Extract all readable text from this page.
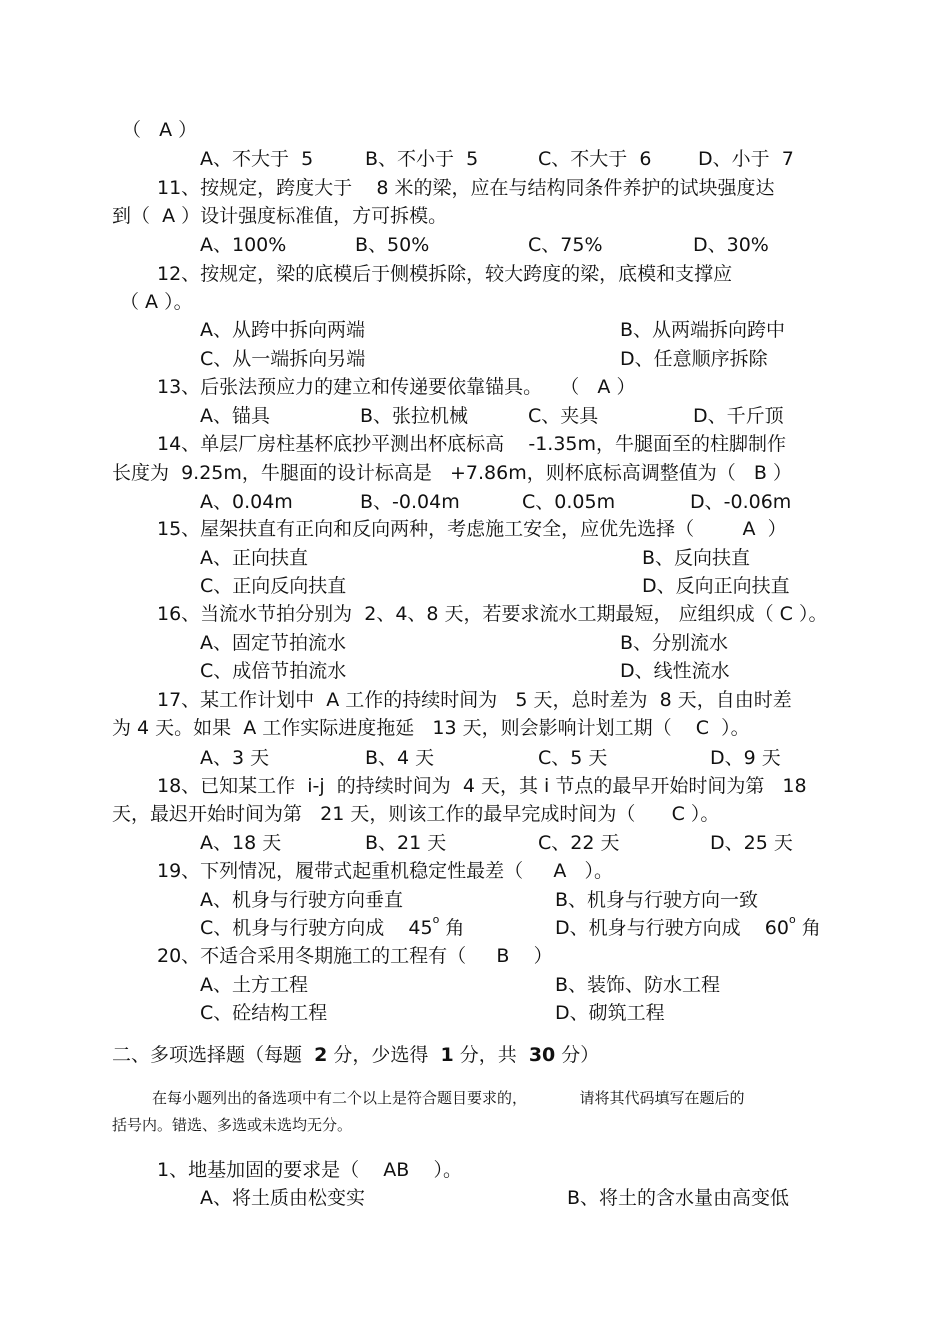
（   A ）
A、不大于  5	B、不小于  5	C、不大于  6 D、小于  7
11、按规定，跨度大于    8 米的梁，应在与结构同条件养护的试块强度达
到（  A ）设计强度标准值，方可拆模。
A、100%	B、50%	C、75%	D、30%
12、按规定，梁的底模后于侧模拆除，较大跨度的梁，底模和支撑应
（ A ）。
A、从跨中拆向两端	B、从两端拆向跨中
C、从一端拆向另端	D、任意顺序拆除
13、后张法预应力的建立和传递要依靠锚具。   （   A ）
A、锚具	B、张拉机械	C、夹具	D、千斤顶
14、单层厂房柱基杯底抄平测出杯底标高    -1.35m，牛腿面至的柱脚制作
长度为  9.25m，牛腿面的设计标高是   +7.86m，则杯底标高调整值为（   B ）
A、0.04m	B、-0.04m	C、0.05m	D、-0.06m
15、屋架扶直有正向和反向两种，考虑施工安全，应优先选择（        A  ）
A、正向扶直	B、反向扶直
C、正向反向扶直	D、反向正向扶直
16、当流水节拍分别为  2、4、8 天，若要求流水工期最短， 应组织成（ C ）。
A、固定节拍流水	B、分别流水
C、成倍节拍流水	D、线性流水
17、某工作计划中  A 工作的持续时间为   5 天，总时差为  8 天，自由时差
为 4 天。如果  A 工作实际进度拖延   13 天，则会影响计划工期（    C  ）。
A、3 天	B、4 天	C、5 天	D、9 天
18、已知某工作  i-j  的持续时间为  4 天，其 i 节点的最早开始时间为第   18
天，最迟开始时间为第   21 天，则该工作的最早完成时间为（      C ）。
A、18 天	B、21 天	C、22 天	D、25 天
19、下列情况，履带式起重机稳定性最差（     A   ）。
A、机身与行驶方向垂直	B、机身与行驶方向一致
C、机身与行驶方向成    45$^o$ 角	D、机身与行驶方向成    60$^o$ 角
20、不适合采用冬期施工的工程有（     B    ）
A、土方工程	B、装饰、防水工程
C、砼结构工程	D、砌筑工程
二、多项选择题（每题  2 分，少选得  1 分，共  30 分）
在每小题列出的备选项中有二个以上是符合题目要求的，           请将其代码填写在题后的
括号内。错选、多选或未选均无分。
1、地基加固的要求是（    AB    ）。
A、将土质由松变实	B、将土的含水量由高变低
